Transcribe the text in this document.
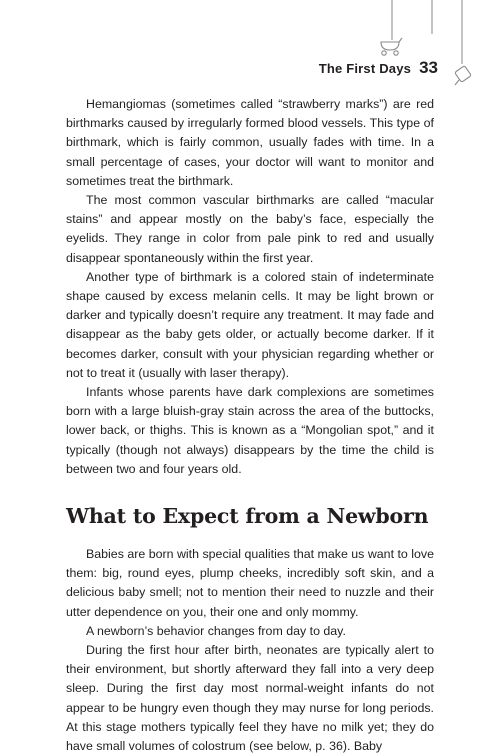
The First Days 33

Hemangiomas (sometimes called “strawberry marks”) are red birthmarks caused by irregularly formed blood vessels. This type of birthmark, which is fairly common, usually fades with time. In a small percentage of cases, your doctor will want to monitor and sometimes treat the birthmark.

The most common vascular birthmarks are called “macular stains” and appear mostly on the baby’s face, especially the eyelids. They range in color from pale pink to red and usually disappear spontaneously within the first year.

Another type of birthmark is a colored stain of indeterminate shape caused by excess melanin cells. It may be light brown or darker and typically doesn’t require any treatment. It may fade and disappear as the baby gets older, or actually become darker. If it becomes darker, consult with your physician regarding whether or not to treat it (usually with laser therapy).

Infants whose parents have dark complexions are sometimes born with a large bluish-gray stain across the area of the buttocks, lower back, or thighs. This is known as a “Mongolian spot,” and it typically (though not always) disappears by the time the child is between two and four years old.

What to Expect from a Newborn

Babies are born with special qualities that make us want to love them: big, round eyes, plump cheeks, incredibly soft skin, and a delicious baby smell; not to mention their need to nuzzle and their utter dependence on you, their one and only mommy.

A newborn’s behavior changes from day to day.

During the first hour after birth, neonates are typically alert to their environment, but shortly afterward they fall into a very deep sleep. During the first day most normal-weight infants do not appear to be hungry even though they may nurse for long periods. At this stage mothers typically feel they have no milk yet; they do have small volumes of colostrum (see below, p. 36). Baby
